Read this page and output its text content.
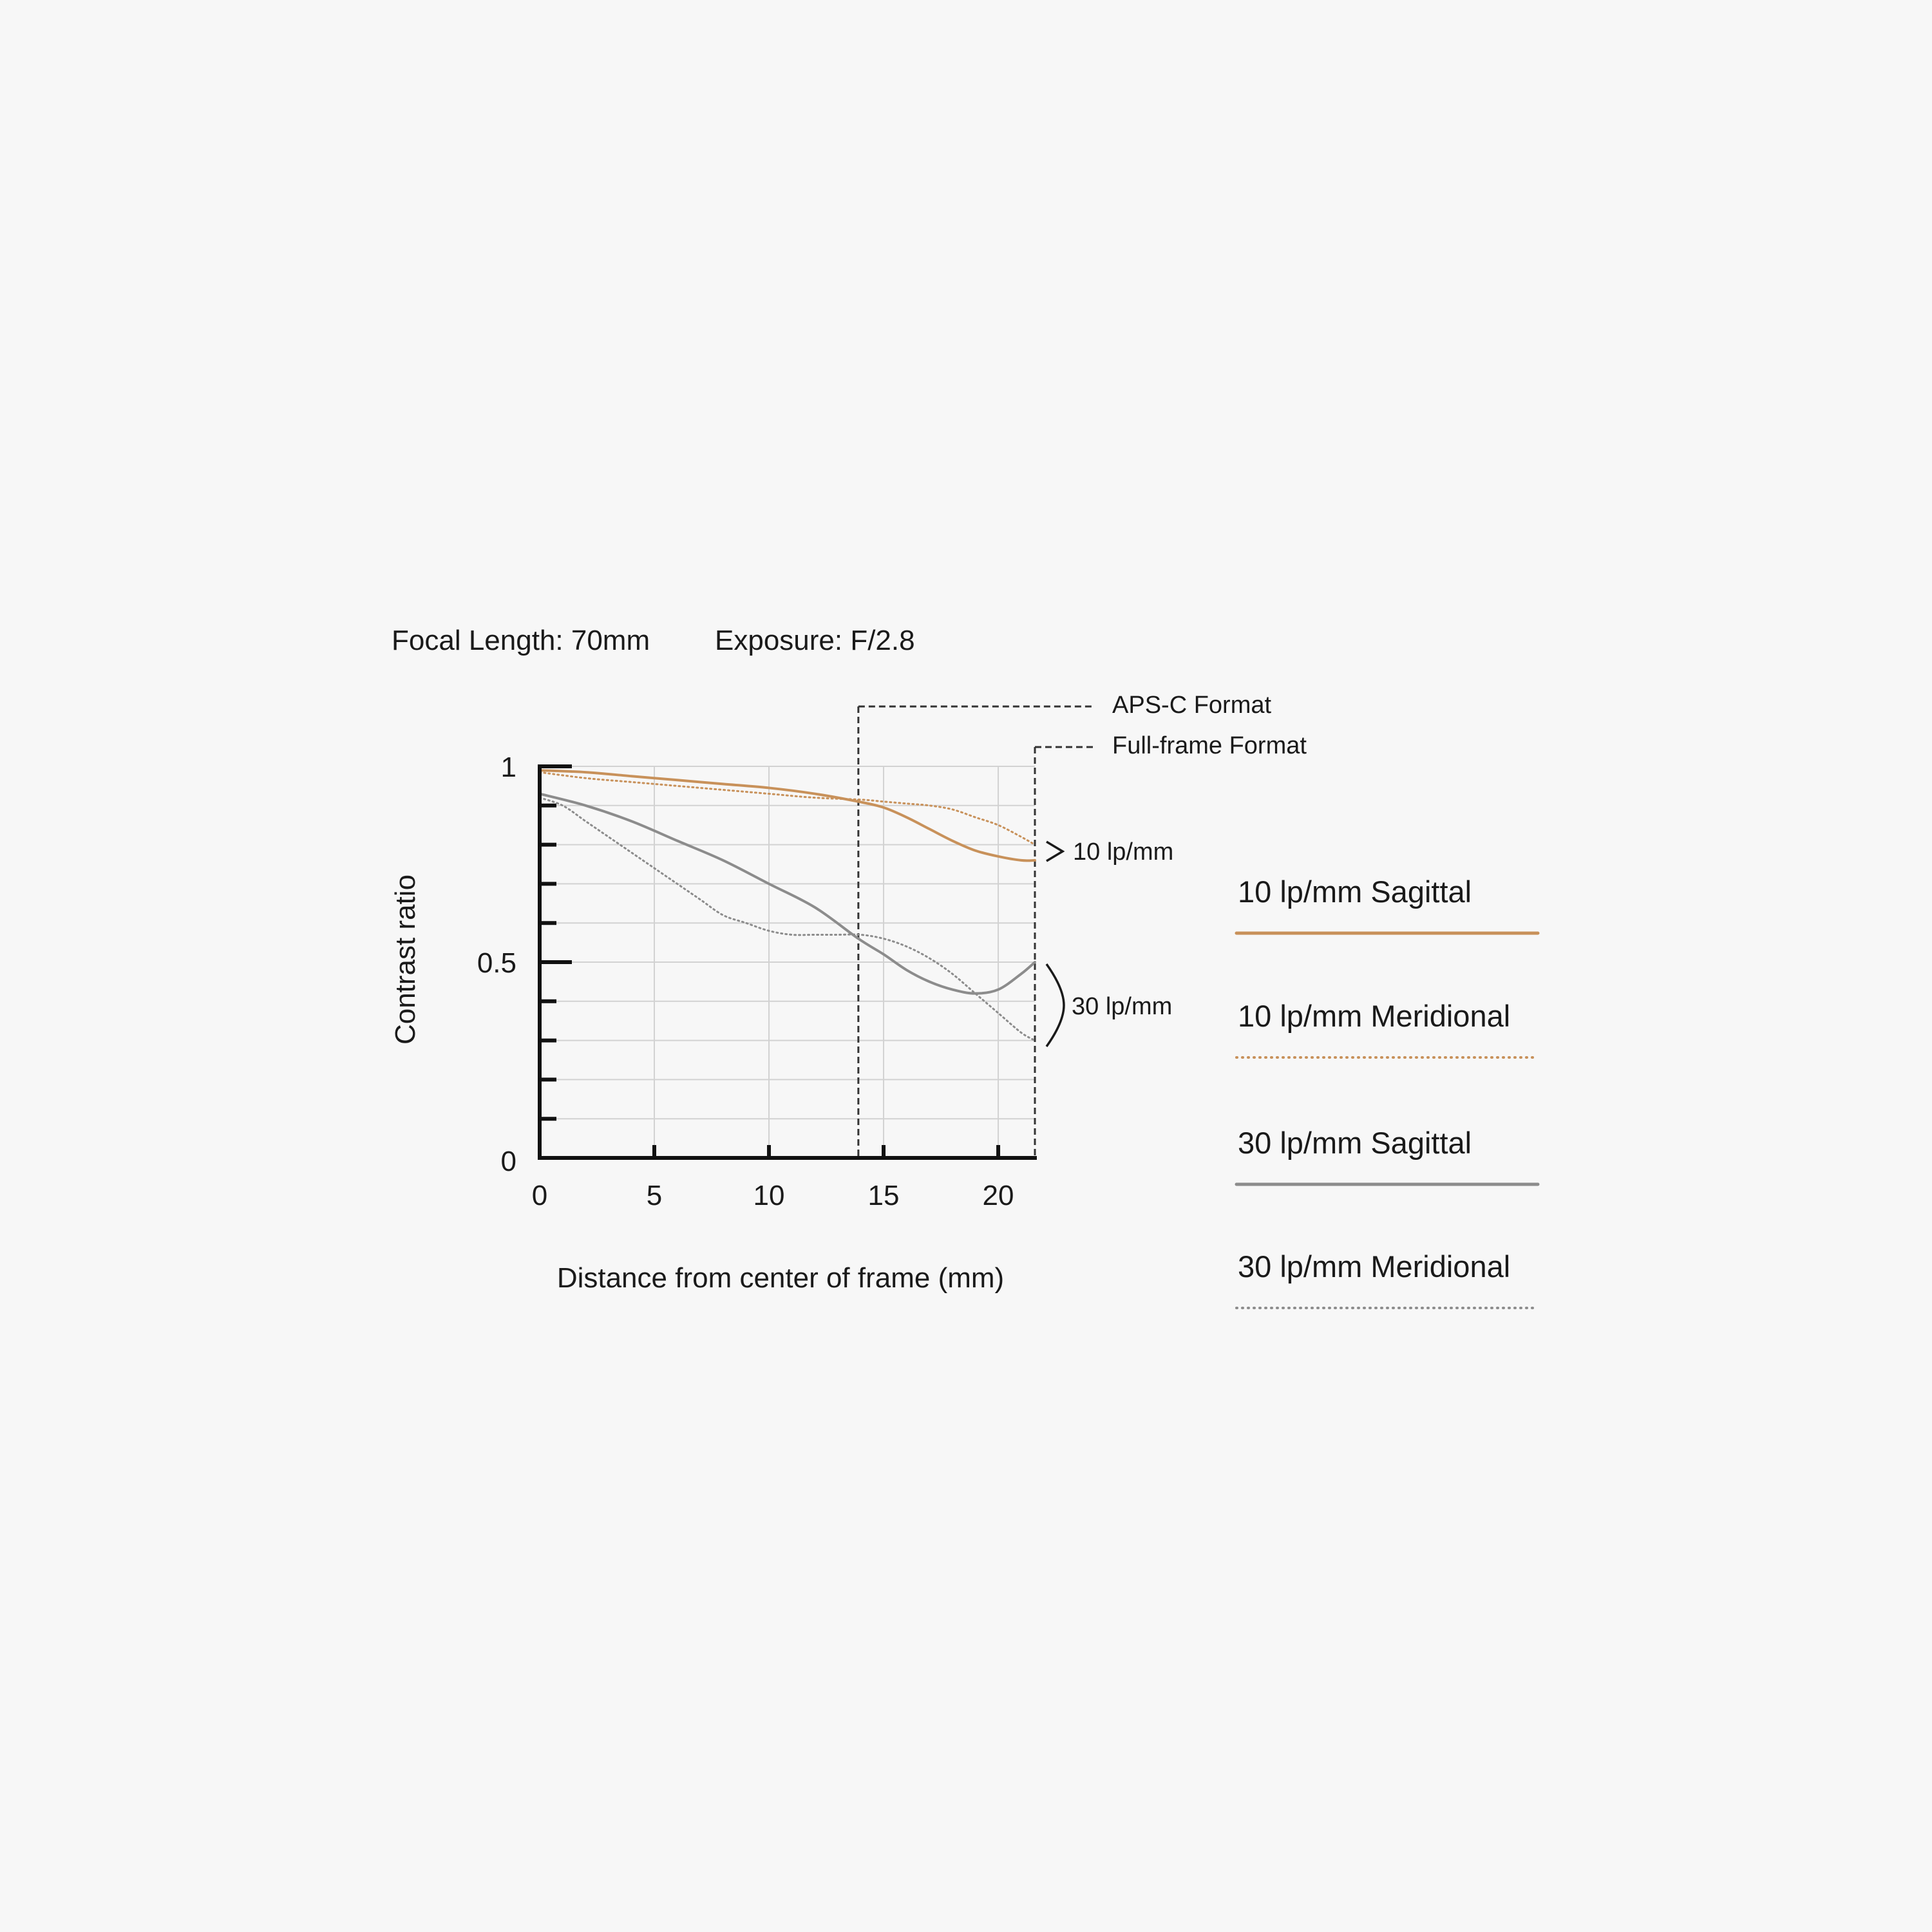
Focal Length: 70mm Exposure: F/2.8
0	5	10	15	20
0
0.5
1
APS-C Format
Full-frame Format
10 lp/mm
30 lp/mm
Distance from center of frame (mm)
Contrast ratio	10 lp/mm Sagittal
10 lp/mm Meridional
30 lp/mm Sagittal
30 lp/mm Meridional
